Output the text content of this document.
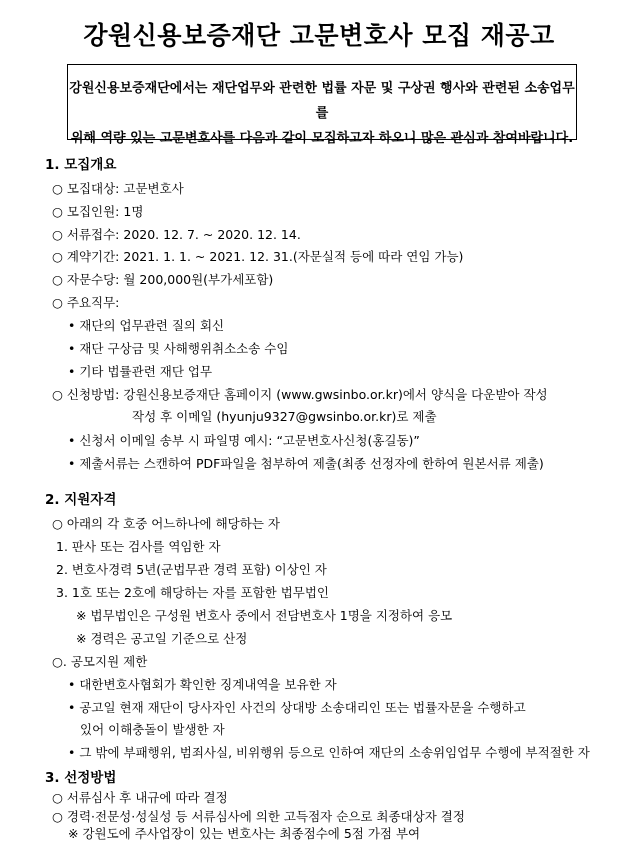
강원신용보증재단 고문변호사 모집 재공고
강원신용보증재단에서는 재단업무와 관련한 법률 자문 및 구상권 행사와 관련된 소송업무를
위해 역량 있는 고문변호사를 다음과 같이 모집하고자 하오니 많은 관심과 참여바랍니다.
1. 모집개요
○ 모집대상: 고문변호사
○ 모집인원: 1명
○ 서류접수: 2020. 12. 7. ~ 2020. 12. 14.
○ 계약기간: 2021. 1. 1. ~ 2021. 12. 31.(자문실적 등에 따라 연임 가능)
○ 자문수당: 월 200,000원(부가세포함)
○ 주요직무:
• 재단의 업무관련 질의 회신
• 재단 구상금 및 사해행위취소소송 수임
• 기타 법률관련 재단 업무
○ 신청방법: 강원신용보증재단 홈페이지 (www.gwsinbo.or.kr)에서 양식을 다운받아 작성
작성 후 이메일 (hyunju9327@gwsinbo.or.kr)로 제출
• 신청서 이메일 송부 시 파일명 예시: “고문변호사신청(홍길동)”
• 제출서류는 스캔하여 PDF파일을 첨부하여 제출(최종 선정자에 한하여 원본서류 제출)
2. 지원자격
○ 아래의 각 호중 어느하나에 해당하는 자
1. 판사 또는 검사를 역임한 자
2. 변호사경력 5년(군법무관 경력 포함) 이상인 자
3. 1호 또는 2호에 해당하는 자를 포함한 법무법인
※ 법무법인은 구성원 변호사 중에서 전담변호사 1명을 지정하여 응모
※ 경력은 공고일 기준으로 산정
○. 공모지원 제한
• 대한변호사협회가 확인한 징계내역을 보유한 자
• 공고일 현재 재단이 당사자인 사건의 상대방 소송대리인 또는 법률자문을 수행하고
있어 이해충돌이 발생한 자
• 그 밖에 부패행위, 범죄사실, 비위행위 등으로 인하여 재단의 소송위임업무 수행에 부적절한 자
3. 선정방법
○ 서류심사 후 내규에 따라 결정
○ 경력·전문성·성실성 등 서류심사에 의한 고득점자 순으로 최종대상자 결정
※ 강원도에 주사업장이 있는 변호사는 최종점수에 5점 가점 부여
